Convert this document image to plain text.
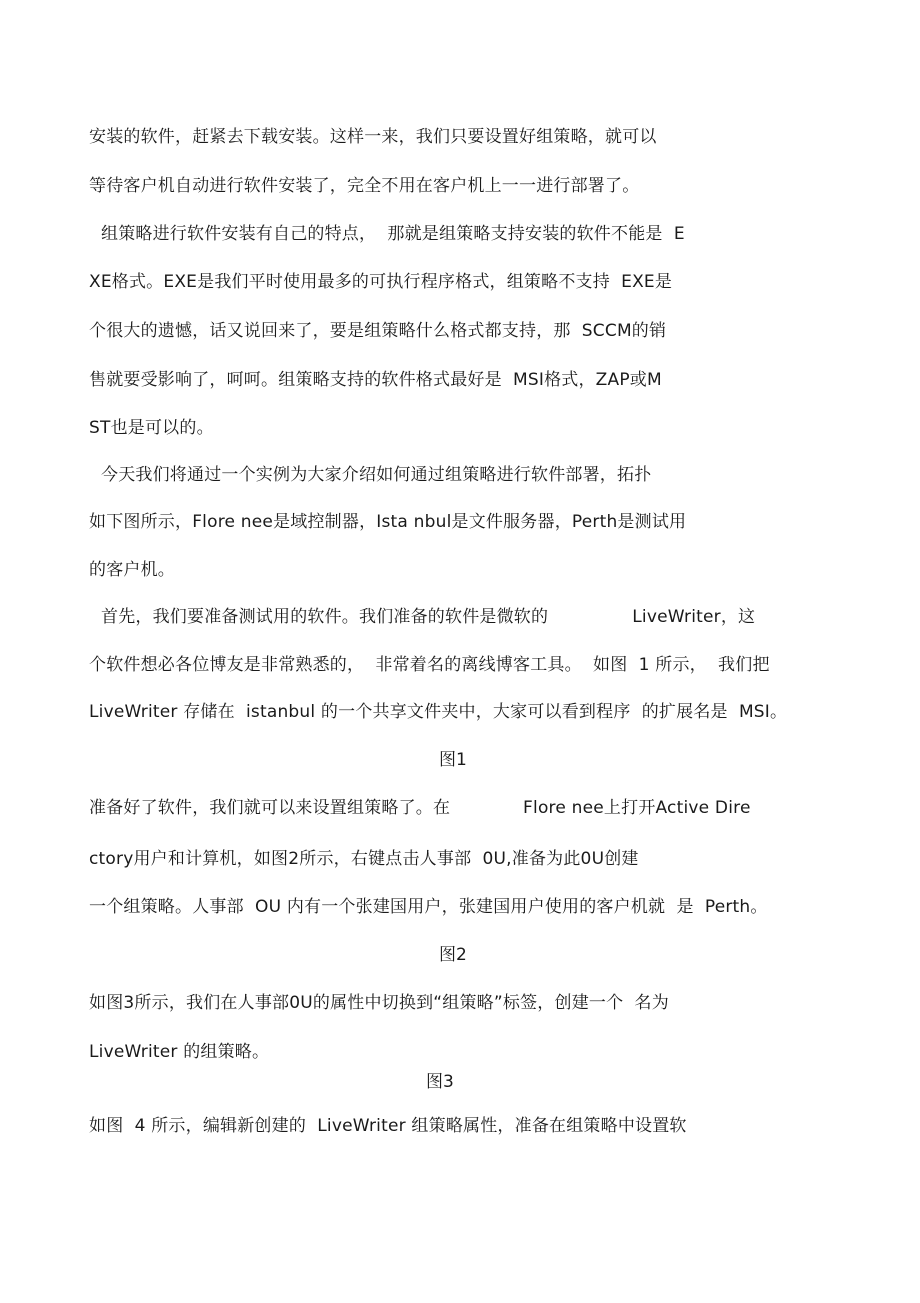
安装的软件，赶紧去下载安装。这样一来，我们只要设置好组策略，就可以
等待客户机自动进行软件安装了，完全不用在客户机上一一进行部署了。
组策略进行软件安装有自己的特点，  那就是组策略支持安装的软件不能是  E
XE格式。EXE是我们平时使用最多的可执行程序格式，组策略不支持  EXE是
个很大的遗憾，话又说回来了，要是组策略什么格式都支持，那  SCCM的销
售就要受影响了，呵呵。组策略支持的软件格式最好是  MSI格式，ZAP或M
ST也是可以的。
今天我们将通过一个实例为大家介绍如何通过组策略进行软件部署，拓扑
如下图所示，Flore nee是域控制器，Ista nbul是文件服务器，Perth是测试用
的客户机。
首先，我们要准备测试用的软件。我们准备的软件是微软的               LiveWriter，这
个软件想必各位博友是非常熟悉的，  非常着名的离线博客工具。  如图  1 所示，  我们把
LiveWriter 存储在  istanbul 的一个共享文件夹中，大家可以看到程序  的扩展名是  MSI。
图1
准备好了软件，我们就可以来设置组策略了。在             Flore nee上打开Active Dire
ctory用户和计算机，如图2所示，右键点击人事部  0U,准备为此0U创建
一个组策略。人事部  OU 内有一个张建国用户，张建国用户使用的客户机就  是  Perth。
图2
如图3所示，我们在人事部0U的属性中切换到“组策略”标签，创建一个  名为
LiveWriter 的组策略。
图3
如图  4 所示，编辑新创建的  LiveWriter 组策略属性，准备在组策略中设置软
